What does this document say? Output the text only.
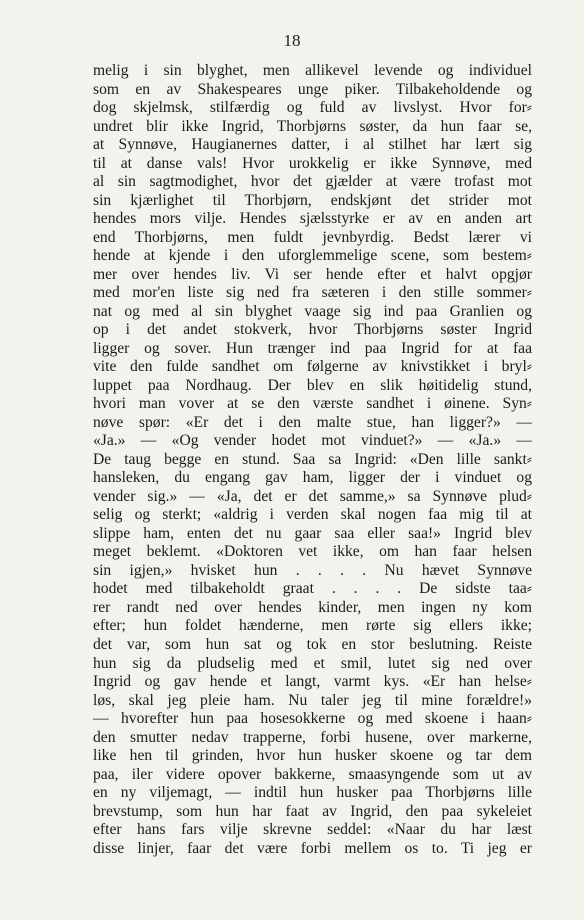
18
melig i sin blyghet, men allikevel levende og individuel
som en av Shakespeares unge piker. Tilbakeholdende og
dog skjelmsk, stilfærdig og fuld av livslyst. Hvor for⸗
undret blir ikke Ingrid, Thorbjørns søster, da hun faar se,
at Synnøve, Haugianernes datter, i al stilhet har lært sig
til at danse vals! Hvor urokkelig er ikke Synnøve, med
al sin sagtmodighet, hvor det gjælder at være trofast mot
sin kjærlighet til Thorbjørn, endskjønt det strider mot
hendes mors vilje. Hendes sjælsstyrke er av en anden art
end Thorbjørns, men fuldt jevnbyrdig. Bedst lærer vi
hende at kjende i den uforglemmelige scene, som bestem⸗
mer over hendes liv. Vi ser hende efter et halvt opgjør
med mor'en liste sig ned fra sæteren i den stille sommer⸗
nat og med al sin blyghet vaage sig ind paa Granlien og
op i det andet stokverk, hvor Thorbjørns søster Ingrid
ligger og sover. Hun trænger ind paa Ingrid for at faa
vite den fulde sandhet om følgerne av knivstikket i bryl⸗
luppet paa Nordhaug. Der blev en slik høitidelig stund,
hvori man vover at se den værste sandhet i øinene. Syn⸗
nøve spør: «Er det i den malte stue, han ligger?» —
«Ja.» — «Og vender hodet mot vinduet?» — «Ja.» —
De taug begge en stund. Saa sa Ingrid: «Den lille sankt⸗
hansleken, du engang gav ham, ligger der i vinduet og
vender sig.» — «Ja, det er det samme,» sa Synnøve plud⸗
selig og sterkt; «aldrig i verden skal nogen faa mig til at
slippe ham, enten det nu gaar saa eller saa!» Ingrid blev
meget beklemt. «Doktoren vet ikke, om han faar helsen
sin igjen,» hvisket hun . . . . Nu hævet Synnøve
hodet med tilbakeholdt graat . . . . De sidste taa⸗
rer randt ned over hendes kinder, men ingen ny kom
efter; hun foldet hænderne, men rørte sig ellers ikke;
det var, som hun sat og tok en stor beslutning. Reiste
hun sig da pludselig med et smil, lutet sig ned over
Ingrid og gav hende et langt, varmt kys. «Er han helse⸗
løs, skal jeg pleie ham. Nu taler jeg til mine forældre!»
— hvorefter hun paa hosesokkerne og med skoene i haan⸗
den smutter nedav trapperne, forbi husene, over markerne,
like hen til grinden, hvor hun husker skoene og tar dem
paa, iler videre opover bakkerne, smaasyngende som ut av
en ny viljemagt, — indtil hun husker paa Thorbjørns lille
brevstump, som hun har faat av Ingrid, den paa sykeleiet
efter hans fars vilje skrevne seddel: «Naar du har læst
disse linjer, faar det være forbi mellem os to. Ti jeg er
